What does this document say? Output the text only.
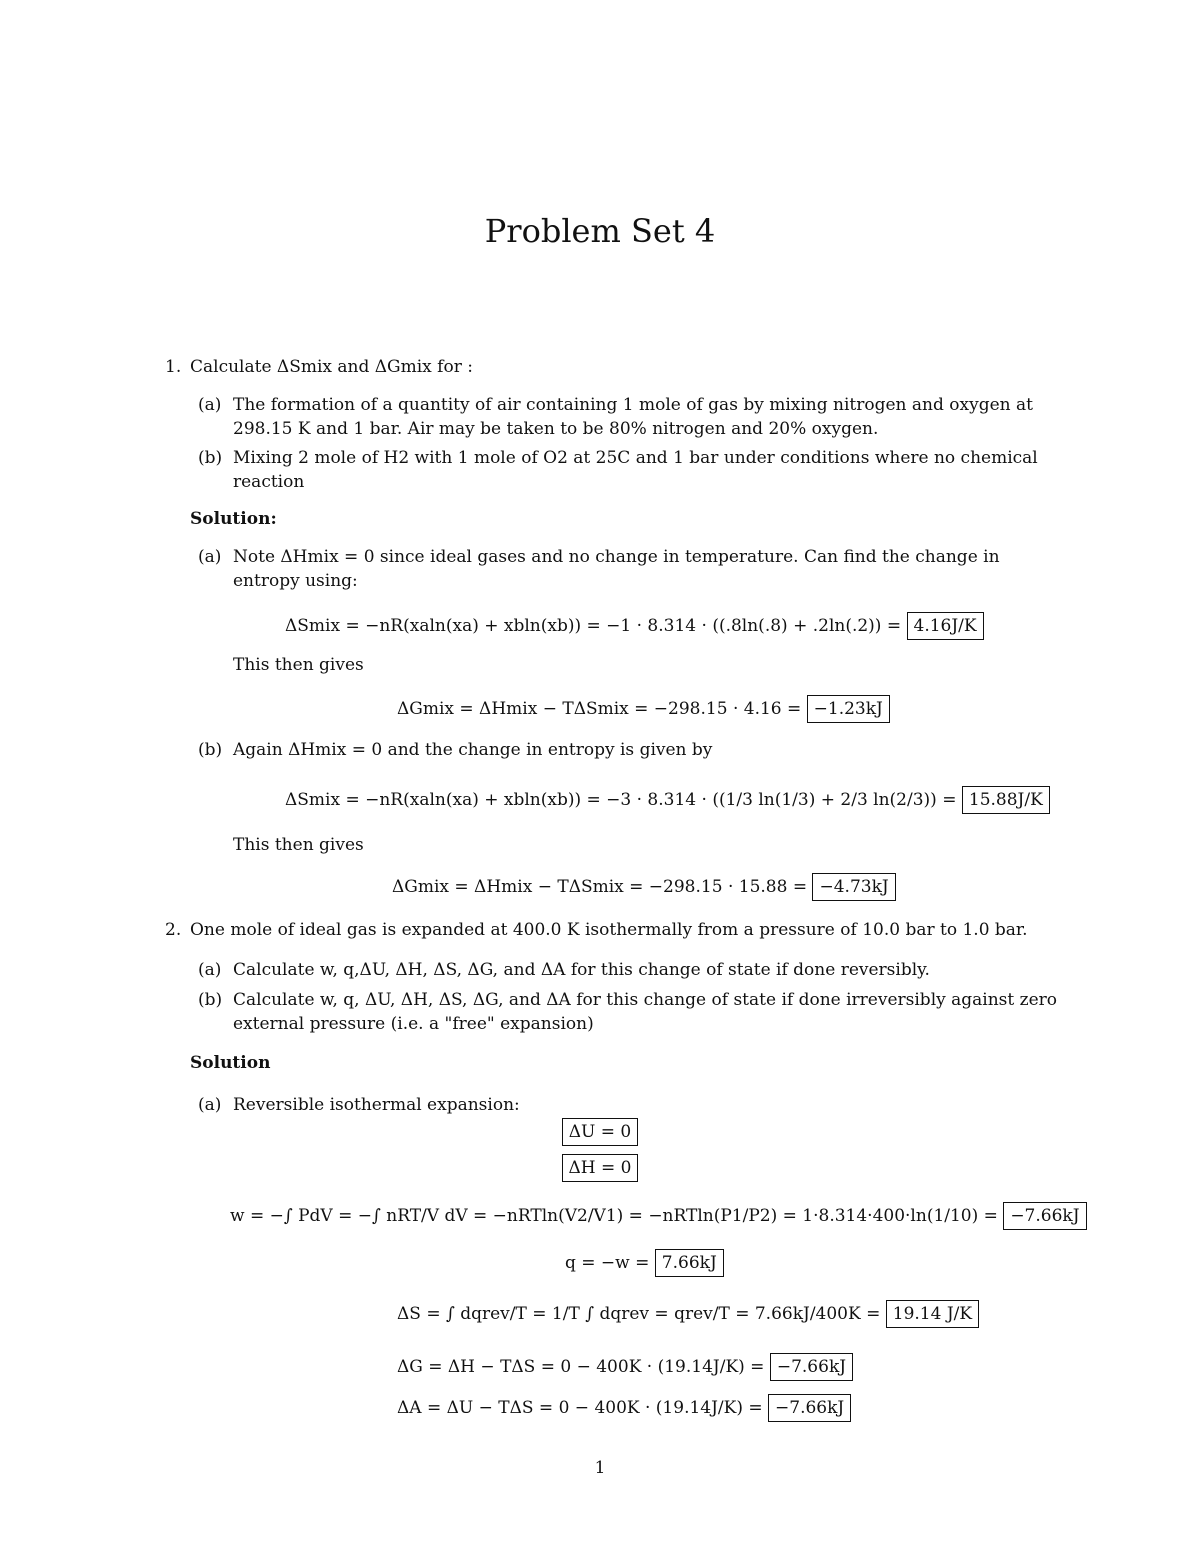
Problem Set 4
1. Calculate ΔSmix and ΔGmix for :
(a) The formation of a quantity of air containing 1 mole of gas by mixing nitrogen and oxygen at 298.15 K and 1 bar. Air may be taken to be 80% nitrogen and 20% oxygen.
(b) Mixing 2 mole of H2 with 1 mole of O2 at 25C and 1 bar under conditions where no chemical reaction
Solution:
(a) Note ΔHmix = 0 since ideal gases and no change in temperature. Can find the change in entropy using:
ΔSmix = −nR(xaln(xa) + xbln(xb)) = −1 · 8.314 · ((.8ln(.8) + .2ln(.2)) = 4.16J/K
This then gives
ΔGmix = ΔHmix − TΔSmix = −298.15 · 4.16 = −1.23kJ
(b) Again ΔHmix = 0 and the change in entropy is given by
ΔSmix = −nR(xaln(xa) + xbln(xb)) = −3 · 8.314 · ((1/3 ln(1/3) + 2/3 ln(2/3)) = 15.88J/K
This then gives
ΔGmix = ΔHmix − TΔSmix = −298.15 · 15.88 = −4.73kJ
2. One mole of ideal gas is expanded at 400.0 K isothermally from a pressure of 10.0 bar to 1.0 bar.
(a) Calculate w, q,ΔU, ΔH, ΔS, ΔG, and ΔA for this change of state if done reversibly.
(b) Calculate w, q, ΔU, ΔH, ΔS, ΔG, and ΔA for this change of state if done irreversibly against zero external pressure (i.e. a "free" expansion)
Solution
(a) Reversible isothermal expansion:
ΔU = 0
ΔH = 0
w = −∫ PdV = −∫ nRT/V dV = −nRTln(V2/V1) = −nRTln(P1/P2) = 1·8.314·400·ln(1/10) = −7.66kJ
q = −w = 7.66kJ
ΔS = ∫ dqrev/T = 1/T ∫ dqrev = qrev/T = 7.66kJ/400K = 19.14 J/K
ΔG = ΔH − TΔS = 0 − 400K · (19.14J/K) = −7.66kJ
ΔA = ΔU − TΔS = 0 − 400K · (19.14J/K) = −7.66kJ
1
